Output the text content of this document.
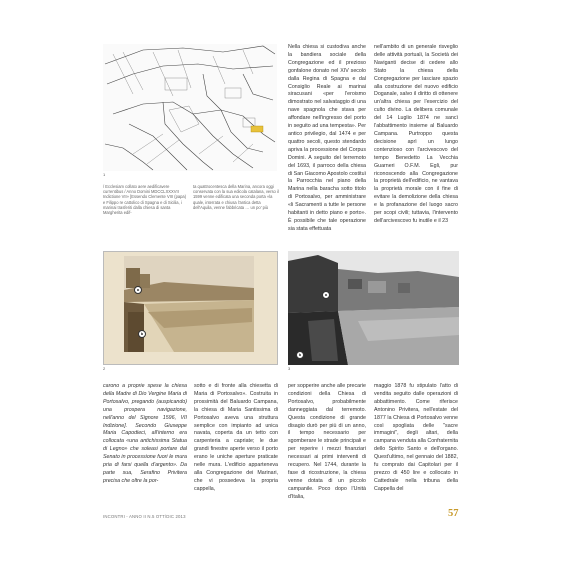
1
/ Ecclesiam collato aere aedificavere currentibus / Anno Domini MDCCLXXXVII Indictione VII» [Essendo Clemente VIII (papa) e Filippo re cattolico di Spagna e di Sicilia, i marinai trasferiti dalla chiesa di santa Margherita edif-
ta quattrocentesca della Marina, ancora oggi conservata con la sua edicola catalana, verso il 1599 venne edificata una seconda porta «la quale, interrata e chiusa l'antica detta dell'Aquila, venne fabbricata … un po' più

Nella chiesa si custodiva anche la bandiera sociale della Congregazione ed il prezioso gonfalone donato nel XIV secolo dalla Regina di Spagna e dal Consiglio Reale ai marinai siracusani «per l'eroismo dimostrato nel salvataggio di una nave spagnola che stava per affondare nell'ingresso del porto in seguito ad una tempesta». Per antico privilegio, dal 1474 e per quattro secoli, questo stendardo apriva la processione del Corpus Domini. A seguito del terremoto del 1693, il parroco della chiesa di San Giacomo Apostolo costituì la Parrocchia nel piano della Marina nella baracha sotto titolo di Portosalvo, per amministrare «li Sacramenti a tutte le persone habitanti in detto piano e porto». È possibile che tale operazione sia stata effettuata

nell'ambito di un generale risveglio delle attività portuali, la Società dei Naviganti decise di cedere allo Stato la chiesa della Congregazione per lasciare spazio alla costruzione del nuovo edificio Doganale, salvo il diritto di ottenere un'altra chiesa per l'esercizio del culto divino. La delibera comunale del 14 Luglio 1874 ne sancì l'abbattimento insieme al Baluardo Campana. Purtroppo questa decisione aprì un lungo contenzioso con l'arcivescovo del tempo Benedetto La Vecchia Guarneri O.F.M. Egli, pur riconoscendo alla Congregazione la proprietà dell'edificio, ne vantava la proprietà morale con il fine di evitare la demolizione della chiesa e la profanazione del luogo sacro per scopi civili; tuttavia, l'intervento dell'arcivescovo fu inutile e il 23

a
b
2
a
b
3

carono a proprie spese la chiesa della Madre di Dio Vergine Maria di Portosalvo, pregando (auspicando) una prospera navigazione, nell'anno del Signore 1596, VII Indizione]. Secondo Giuseppe Maria Capodieci, all'interno era collocata «una antichissima Statua di Legno» che soleasi portare dal Senato in processione fuori le mura pria di farsi quella d'argento». Da parte sua, Serafino Privitera precisa che oltre la por-

sotto e di fronte alla chiesetta di Maria di Portosalvo». Costruita in prossimità del Baluardo Campana, la chiesa di Maria Santissima di Portosalvo aveva una struttura semplice con impianto ad unica navata, coperta da un tetto con carpenteria a capriate; le due grandi finestre aperte verso il porto erano le uniche aperture praticate nelle mura. L'edificio apparteneva alla Congregazione dei Marinari, che vi possedeva la propria cappella,

per sopperire anche alle precarie condizioni della Chiesa di Portosalvo, probabilmente danneggiata dal terremoto. Questa condizione di grande disagio durò per più di un anno, il tempo necessario per sgomberare le strade principali e per reperire i mezzi finanziari necessari ai primi interventi di recupero. Nel 1744, durante la fase di ricostruzione, la chiesa venne dotata di un piccolo campanile. Poco dopo l'Unità d'Italia,

maggio 1878 fu stipulato l'atto di vendita seguito dalle operazioni di abbattimento. Come riferisce Antonino Privitera, nell'estate del 1877 la Chiesa di Portosalvo venne così spogliata delle "sacre immagini", degli altari, della campana venduta alla Confraternita dello Spirito Santo e dell'organo. Quest'ultimo, nel gennaio del 1882, fu comprato dai Capitolari per il prezzo di 450 lire e collocato in Cattedrale nella tribuna della Cappella del

INCONTRI - ANNO II N.5 OTT/DIC 2013	57
